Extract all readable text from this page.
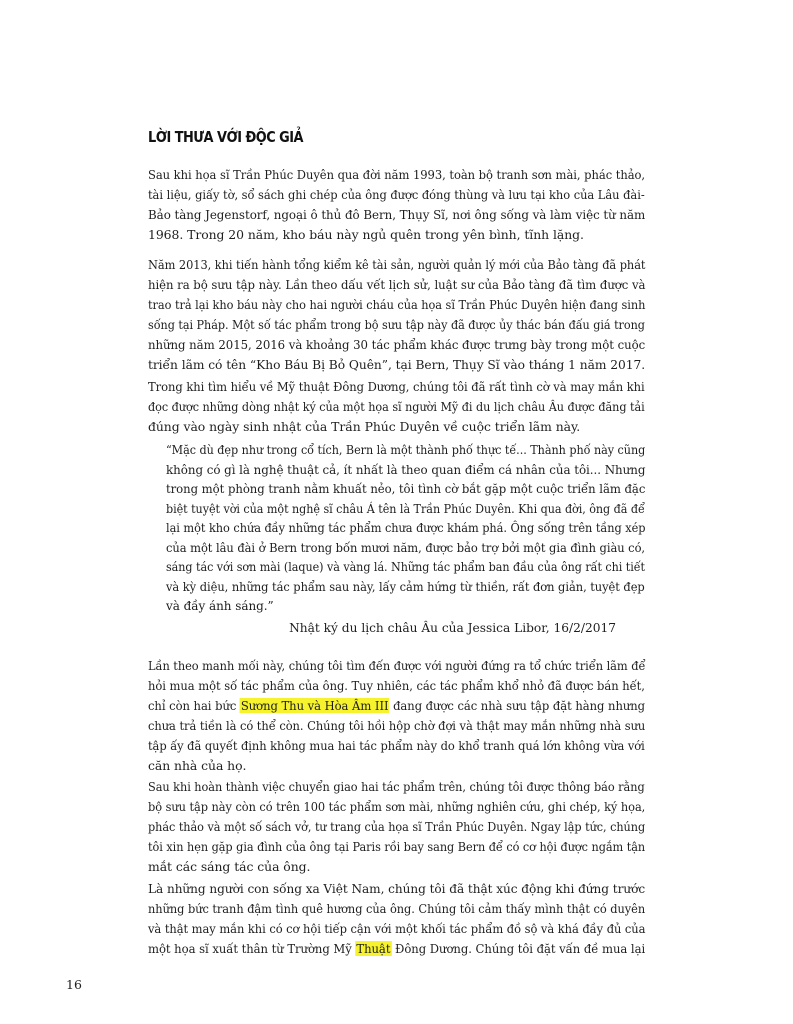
LỜI THƯA VỚI ĐỘC GIẢ
Sau khi họa sĩ Trần Phúc Duyên qua đời năm 1993, toàn bộ tranh sơn mài, phác thảo,
tài liệu, giấy tờ, sổ sách ghi chép của ông được đóng thùng và lưu tại kho của Lâu đài-
Bảo tàng Jegenstorf, ngoại ô thủ đô Bern, Thụy Sĩ, nơi ông sống và làm việc từ năm
1968. Trong 20 năm, kho báu này ngủ quên trong yên bình, tĩnh lặng.
Năm 2013, khi tiến hành tổng kiểm kê tài sản, người quản lý mới của Bảo tàng đã phát
hiện ra bộ sưu tập này. Lần theo dấu vết lịch sử, luật sư của Bảo tàng đã tìm được và
trao trả lại kho báu này cho hai người cháu của họa sĩ Trần Phúc Duyên hiện đang sinh
sống tại Pháp. Một số tác phẩm trong bộ sưu tập này đã được ủy thác bán đấu giá trong
những năm 2015, 2016 và khoảng 30 tác phẩm khác được trưng bày trong một cuộc
triển lãm có tên “Kho Báu Bị Bỏ Quên”, tại Bern, Thụy Sĩ vào tháng 1 năm 2017.
Trong khi tìm hiểu về Mỹ thuật Đông Dương, chúng tôi đã rất tình cờ và may mắn khi
đọc được những dòng nhật ký của một họa sĩ người Mỹ đi du lịch châu Âu được đăng tải
đúng vào ngày sinh nhật của Trần Phúc Duyên về cuộc triển lãm này.
“Mặc dù đẹp như trong cổ tích, Bern là một thành phố thực tế... Thành phố này cũng
không có gì là nghệ thuật cả, ít nhất là theo quan điểm cá nhân của tôi... Nhưng
trong một phòng tranh nằm khuất nẻo, tôi tình cờ bắt gặp một cuộc triển lãm đặc
biệt tuyệt vời của một nghệ sĩ châu Á tên là Trần Phúc Duyên. Khi qua đời, ông đã để
lại một kho chứa đầy những tác phẩm chưa được khám phá. Ông sống trên tầng xép
của một lâu đài ở Bern trong bốn mươi năm, được bảo trợ bởi một gia đình giàu có,
sáng tác với sơn mài (laque) và vàng lá. Những tác phẩm ban đầu của ông rất chi tiết
và kỳ diệu, những tác phẩm sau này, lấy cảm hứng từ thiền, rất đơn giản, tuyệt đẹp
và đầy ánh sáng.”
Nhật ký du lịch châu Âu của Jessica Libor, 16/2/2017
Lần theo manh mối này, chúng tôi tìm đến được với người đứng ra tổ chức triển lãm để
hỏi mua một số tác phẩm của ông. Tuy nhiên, các tác phẩm khổ nhỏ đã được bán hết,
chỉ còn hai bức Sương Thu và Hòa Âm III đang được các nhà sưu tập đặt hàng nhưng
chưa trả tiền là có thể còn. Chúng tôi hồi hộp chờ đợi và thật may mắn những nhà sưu
tập ấy đã quyết định không mua hai tác phẩm này do khổ tranh quá lớn không vừa với
căn nhà của họ.
Sau khi hoàn thành việc chuyển giao hai tác phẩm trên, chúng tôi được thông báo rằng
bộ sưu tập này còn có trên 100 tác phẩm sơn mài, những nghiên cứu, ghi chép, ký họa,
phác thảo và một số sách vở, tư trang của họa sĩ Trần Phúc Duyên. Ngay lập tức, chúng
tôi xin hẹn gặp gia đình của ông tại Paris rồi bay sang Bern để có cơ hội được ngắm tận
mắt các sáng tác của ông.
Là những người con sống xa Việt Nam, chúng tôi đã thật xúc động khi đứng trước
những bức tranh đậm tình quê hương của ông. Chúng tôi cảm thấy mình thật có duyên
và thật may mắn khi có cơ hội tiếp cận với một khối tác phẩm đồ sộ và khá đầy đủ của
một họa sĩ xuất thân từ Trường Mỹ Thuật Đông Dương. Chúng tôi đặt vấn đề mua lại
16
